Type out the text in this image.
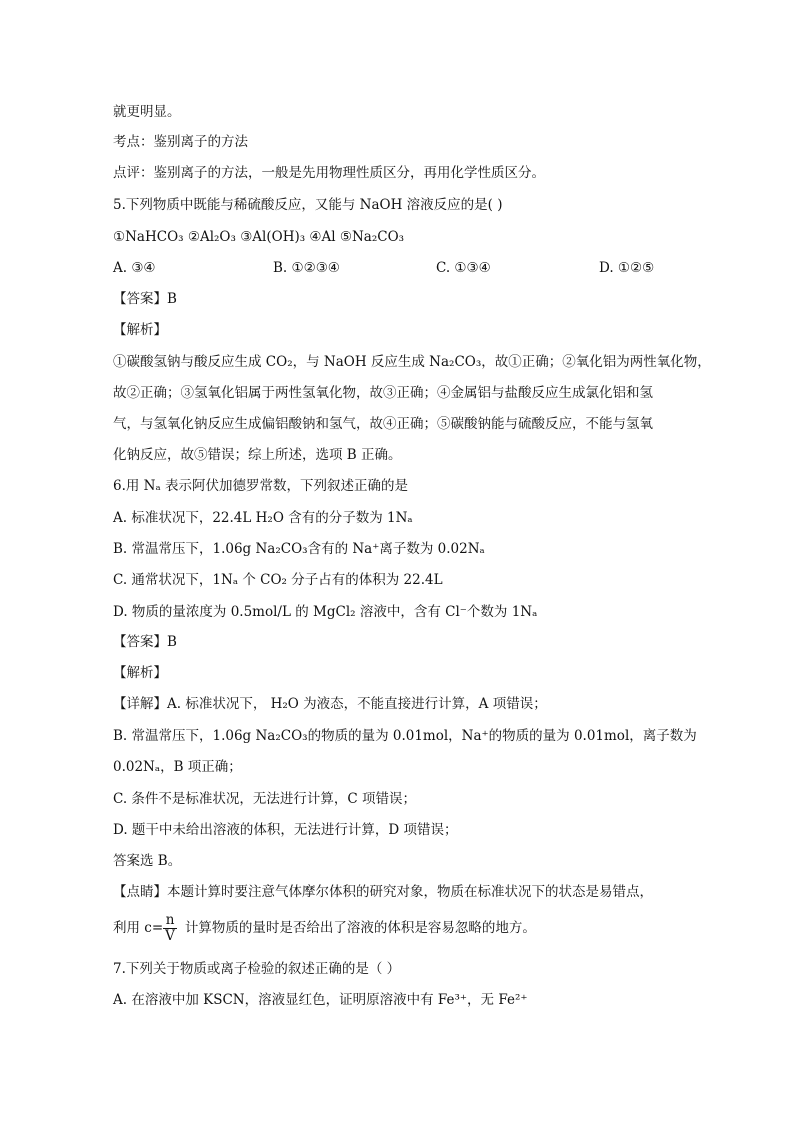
就更明显。
考点：鉴别离子的方法
点评：鉴别离子的方法，一般是先用物理性质区分，再用化学性质区分。
5.下列物质中既能与稀硫酸反应，又能与 NaOH 溶液反应的是( )
①NaHCO₃ ②Al₂O₃ ③Al(OH)₃ ④Al ⑤Na₂CO₃
A. ③④	B. ①②③④	C. ①③④	D. ①②⑤
【答案】B
【解析】
①碳酸氢钠与酸反应生成 CO₂，与 NaOH 反应生成 Na₂CO₃，故①正确；②氧化铝为两性氧化物，
故②正确；③氢氧化铝属于两性氢氧化物，故③正确；④金属铝与盐酸反应生成氯化铝和氢
气，与氢氧化钠反应生成偏铝酸钠和氢气，故④正确；⑤碳酸钠能与硫酸反应，不能与氢氧
化钠反应，故⑤错误；综上所述，选项 B 正确。
6.用 Nₐ 表示阿伏加德罗常数，下列叙述正确的是
A. 标准状况下，22.4L H₂O 含有的分子数为 1Nₐ
B. 常温常压下，1.06g Na₂CO₃含有的 Na⁺离子数为 0.02Nₐ
C. 通常状况下，1Nₐ 个 CO₂ 分子占有的体积为 22.4L
D. 物质的量浓度为 0.5mol/L 的 MgCl₂ 溶液中，含有 Cl⁻个数为 1Nₐ
【答案】B
【解析】
【详解】A. 标准状况下， H₂O 为液态，不能直接进行计算，A 项错误；
B. 常温常压下，1.06g Na₂CO₃的物质的量为 0.01mol，Na⁺的物质的量为 0.01mol，离子数为
0.02Nₐ，B 项正确；
C. 条件不是标准状况，无法进行计算，C 项错误；
D. 题干中未给出溶液的体积，无法进行计算，D 项错误；
答案选 B。
【点睛】本题计算时要注意气体摩尔体积的研究对象，物质在标准状况下的状态是易错点，
利用 $c= \frac{n}{V}$ 计算物质的量时是否给出了溶液的体积是容易忽略的地方。
7.下列关于物质或离子检验的叙述正确的是（ ）
A. 在溶液中加 KSCN，溶液显红色，证明原溶液中有 Fe³⁺，无 Fe²⁺
